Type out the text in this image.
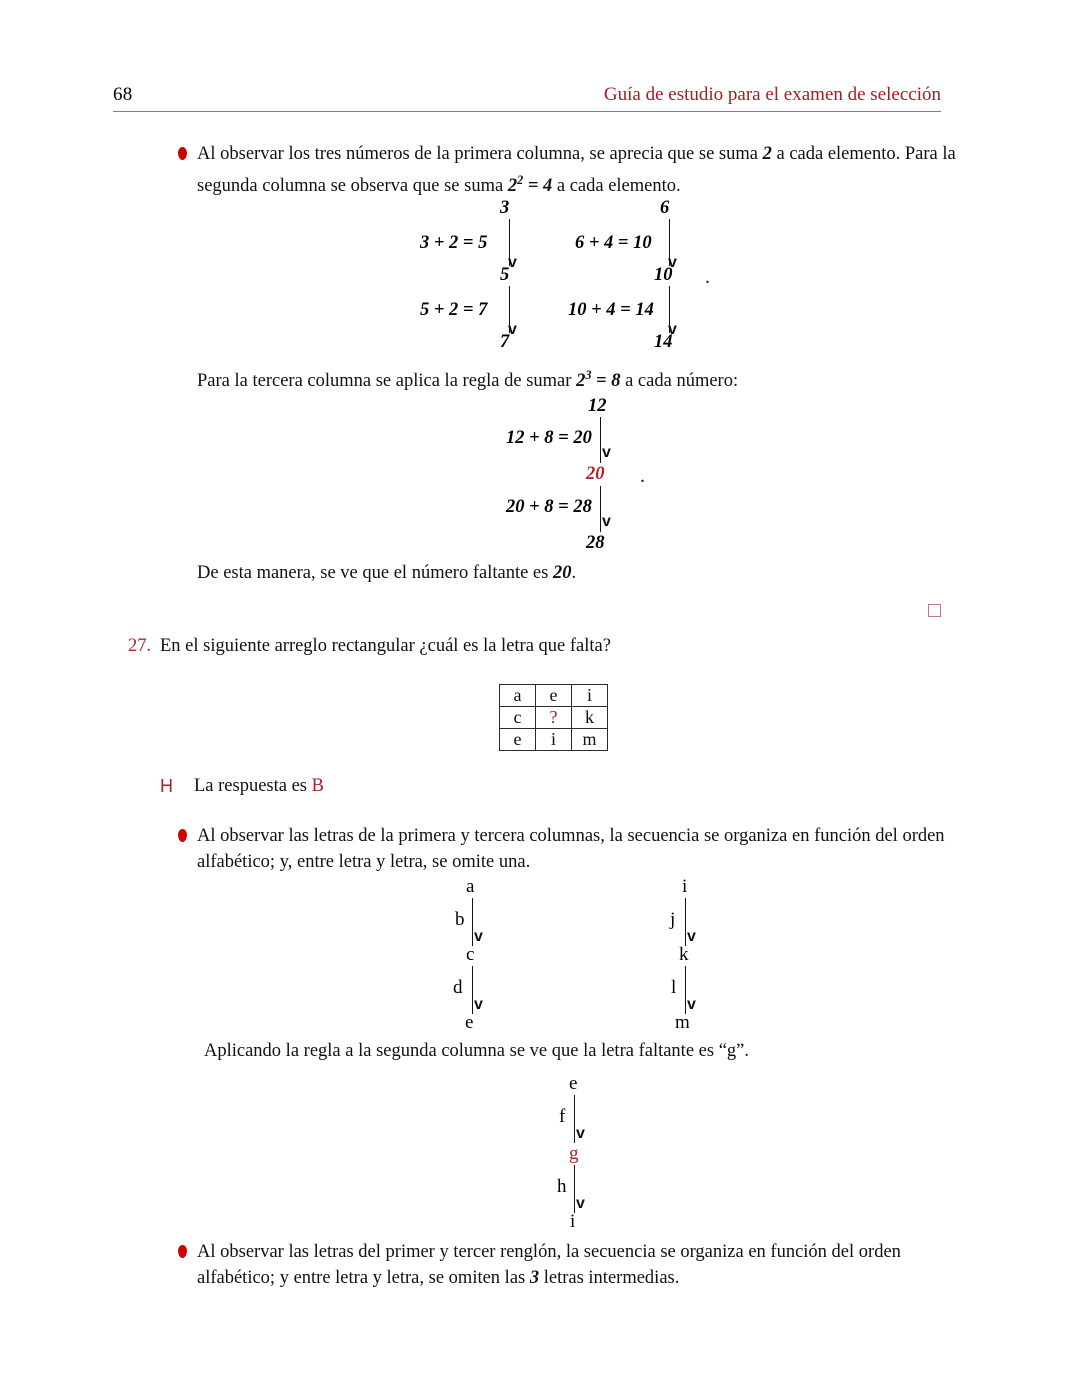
68	Guía de estudio para el examen de selección
Al observar los tres números de la primera columna, se aprecia que se suma 2 a cada elemento. Para la segunda columna se observa que se suma $2^2 = 4$ a cada elemento.
3
v
3 + 2 = 5
5
v
5 + 2 = 7
7
6
v
6 + 4 = 10
10
v
10 + 4 = 14
14
.
Para la tercera columna se aplica la regla de sumar $2^3 = 8$ a cada número:
12
v
12 + 8 = 20
20
v
20 + 8 = 28
28
.
De esta manera, se ve que el número faltante es 20.
27. En el siguiente arreglo rectangular ¿cuál es la letra que falta?
a	e	i
c	?	k
e	i	m
H La respuesta es B
Al observar las letras de la primera y tercera columnas, la secuencia se organiza en función del orden alfabético; y, entre letra y letra, se omite una.
a
v
b
c
v
d
e
i
v
j
k
v
l
m
Aplicando la regla a la segunda columna se ve que la letra faltante es “g”.
e
v
f
g
v
h
i
Al observar las letras del primer y tercer renglón, la secuencia se organiza en función del orden alfabético; y entre letra y letra, se omiten las 3 letras intermedias.
